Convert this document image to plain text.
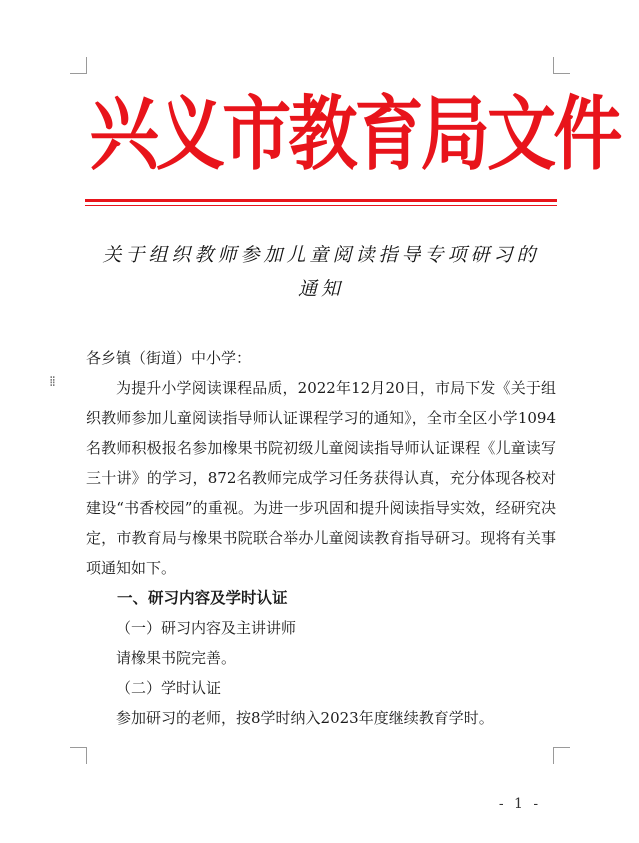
兴义市教育局文件
关于组织教师参加儿童阅读指导专项研习的
通知
⁞⁞

各乡镇（街道）中小学：

为提升小学阅读课程品质，2022年12月20日，市局下发《关于组织教师参加儿童阅读指导师认证课程学习的通知》，全市全区小学1094名教师积极报名参加橡果书院初级儿童阅读指导师认证课程《儿童读写三十讲》的学习，872名教师完成学习任务获得认真，充分体现各校对建设“书香校园”的重视。为进一步巩固和提升阅读指导实效，经研究决定，市教育局与橡果书院联合举办儿童阅读教育指导研习。现将有关事项通知如下。

一、研习内容及学时认证

（一）研习内容及主讲讲师

请橡果书院完善。

（二）学时认证

参加研习的老师，按8学时纳入2023年度继续教育学时。

- 1 -
